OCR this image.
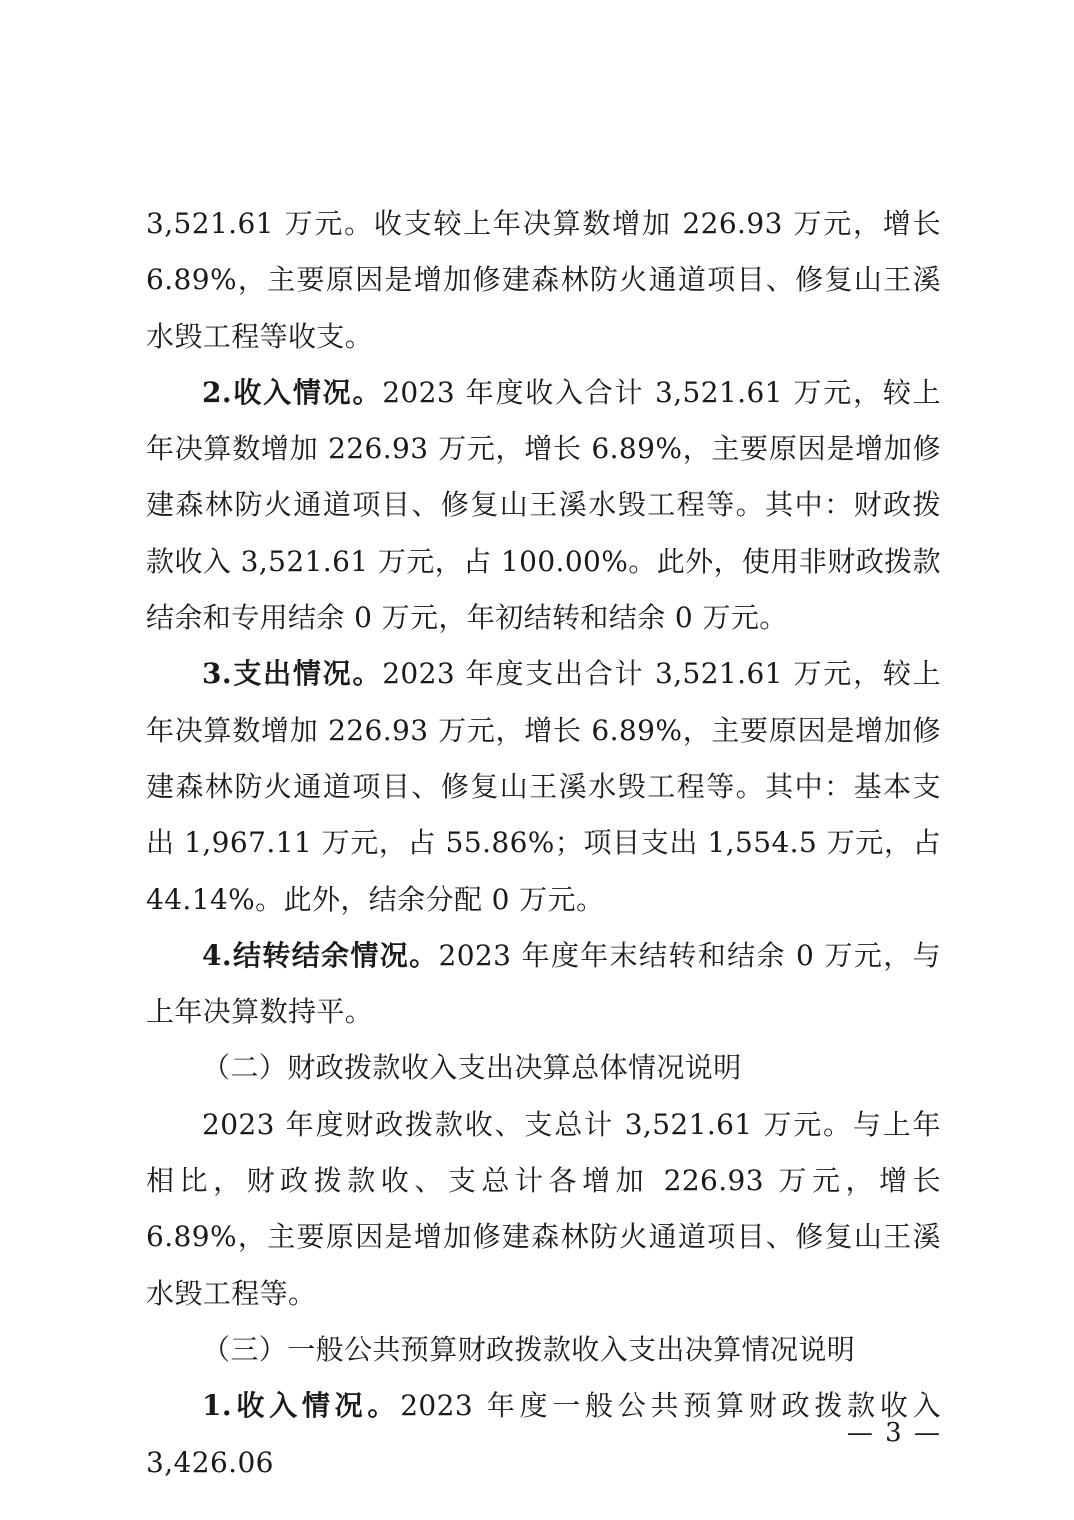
3,521.61 万元。收支较上年决算数增加 226.93 万元，增长 6.89%，主要原因是增加修建森林防火通道项目、修复山王溪水毁工程等收支。

2.收入情况。2023 年度收入合计 3,521.61 万元，较上年决算数增加 226.93 万元，增长 6.89%，主要原因是增加修建森林防火通道项目、修复山王溪水毁工程等。其中：财政拨款收入 3,521.61 万元，占 100.00%。此外，使用非财政拨款结余和专用结余 0 万元，年初结转和结余 0 万元。

3.支出情况。2023 年度支出合计 3,521.61 万元，较上年决算数增加 226.93 万元，增长 6.89%，主要原因是增加修建森林防火通道项目、修复山王溪水毁工程等。其中：基本支出 1,967.11 万元，占 55.86%；项目支出 1,554.5 万元，占 44.14%。此外，结余分配 0 万元。

4.结转结余情况。2023 年度年末结转和结余 0 万元，与上年决算数持平。

（二）财政拨款收入支出决算总体情况说明

2023 年度财政拨款收、支总计 3,521.61 万元。与上年相比，财政拨款收、支总计各增加 226.93 万元，增长 6.89%，主要原因是增加修建森林防火通道项目、修复山王溪水毁工程等。

（三）一般公共预算财政拨款收入支出决算情况说明

1.收入情况。2023 年度一般公共预算财政拨款收入 3,426.06

— 3 —
